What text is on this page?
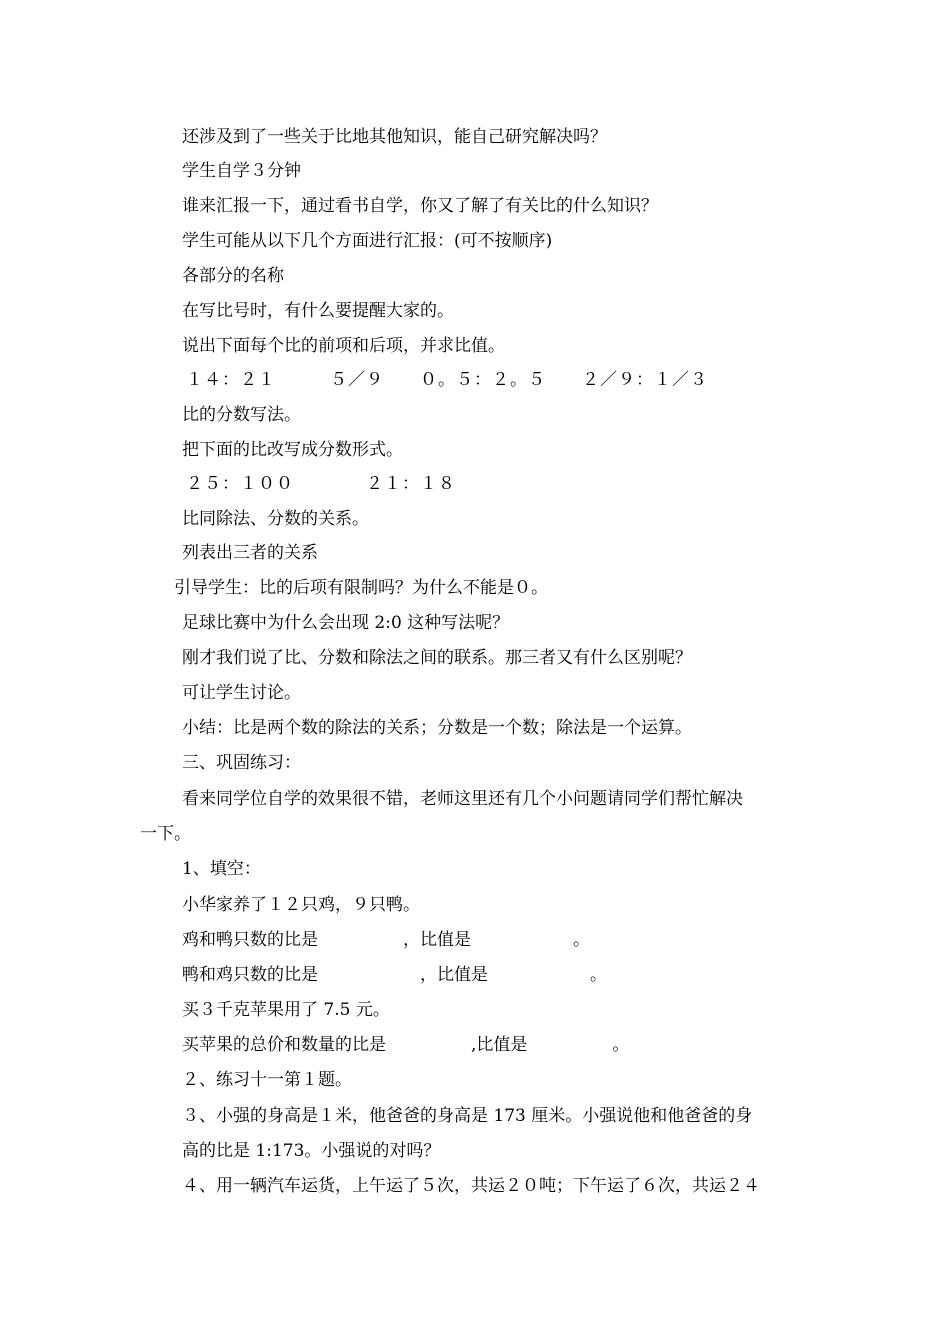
还涉及到了一些关于比地其他知识，能自己研究解决吗？
学生自学３分钟
谁来汇报一下，通过看书自学，你又了解了有关比的什么知识？
学生可能从以下几个方面进行汇报：(可不按顺序)
各部分的名称
在写比号时，有什么要提醒大家的。
说出下面每个比的前项和后项，并求比值。
１４：２１　　　５／９　　０。５：２。５　　２／９：１／３
比的分数写法。
把下面的比改写成分数形式。
２５：１００　　　　２１：１８
比同除法、分数的关系。
列表出三者的关系
引导学生：比的后项有限制吗？为什么不能是０。
足球比赛中为什么会出现 2:0 这种写法呢？
刚才我们说了比、分数和除法之间的联系。那三者又有什么区别呢？
可让学生讨论。
小结：比是两个数的除法的关系；分数是一个数；除法是一个运算。
三、巩固练习：
看来同学位自学的效果很不错，老师这里还有几个小问题请同学们帮忙解决
一下。
1、填空：
小华家养了１２只鸡，９只鸭。
鸡和鸭只数的比是　　　　　，比值是　　　　　　。
鸭和鸡只数的比是　　　　　　，比值是　　　　　　。
买３千克苹果用了 7.5 元。
买苹果的总价和数量的比是　　　　　,比值是　　　　　。
２、练习十一第１题。
３、小强的身高是１米，他爸爸的身高是 173 厘米。小强说他和他爸爸的身
高的比是 1:173。小强说的对吗？
４、用一辆汽车运货，上午运了５次，共运２０吨；下午运了６次，共运２４
